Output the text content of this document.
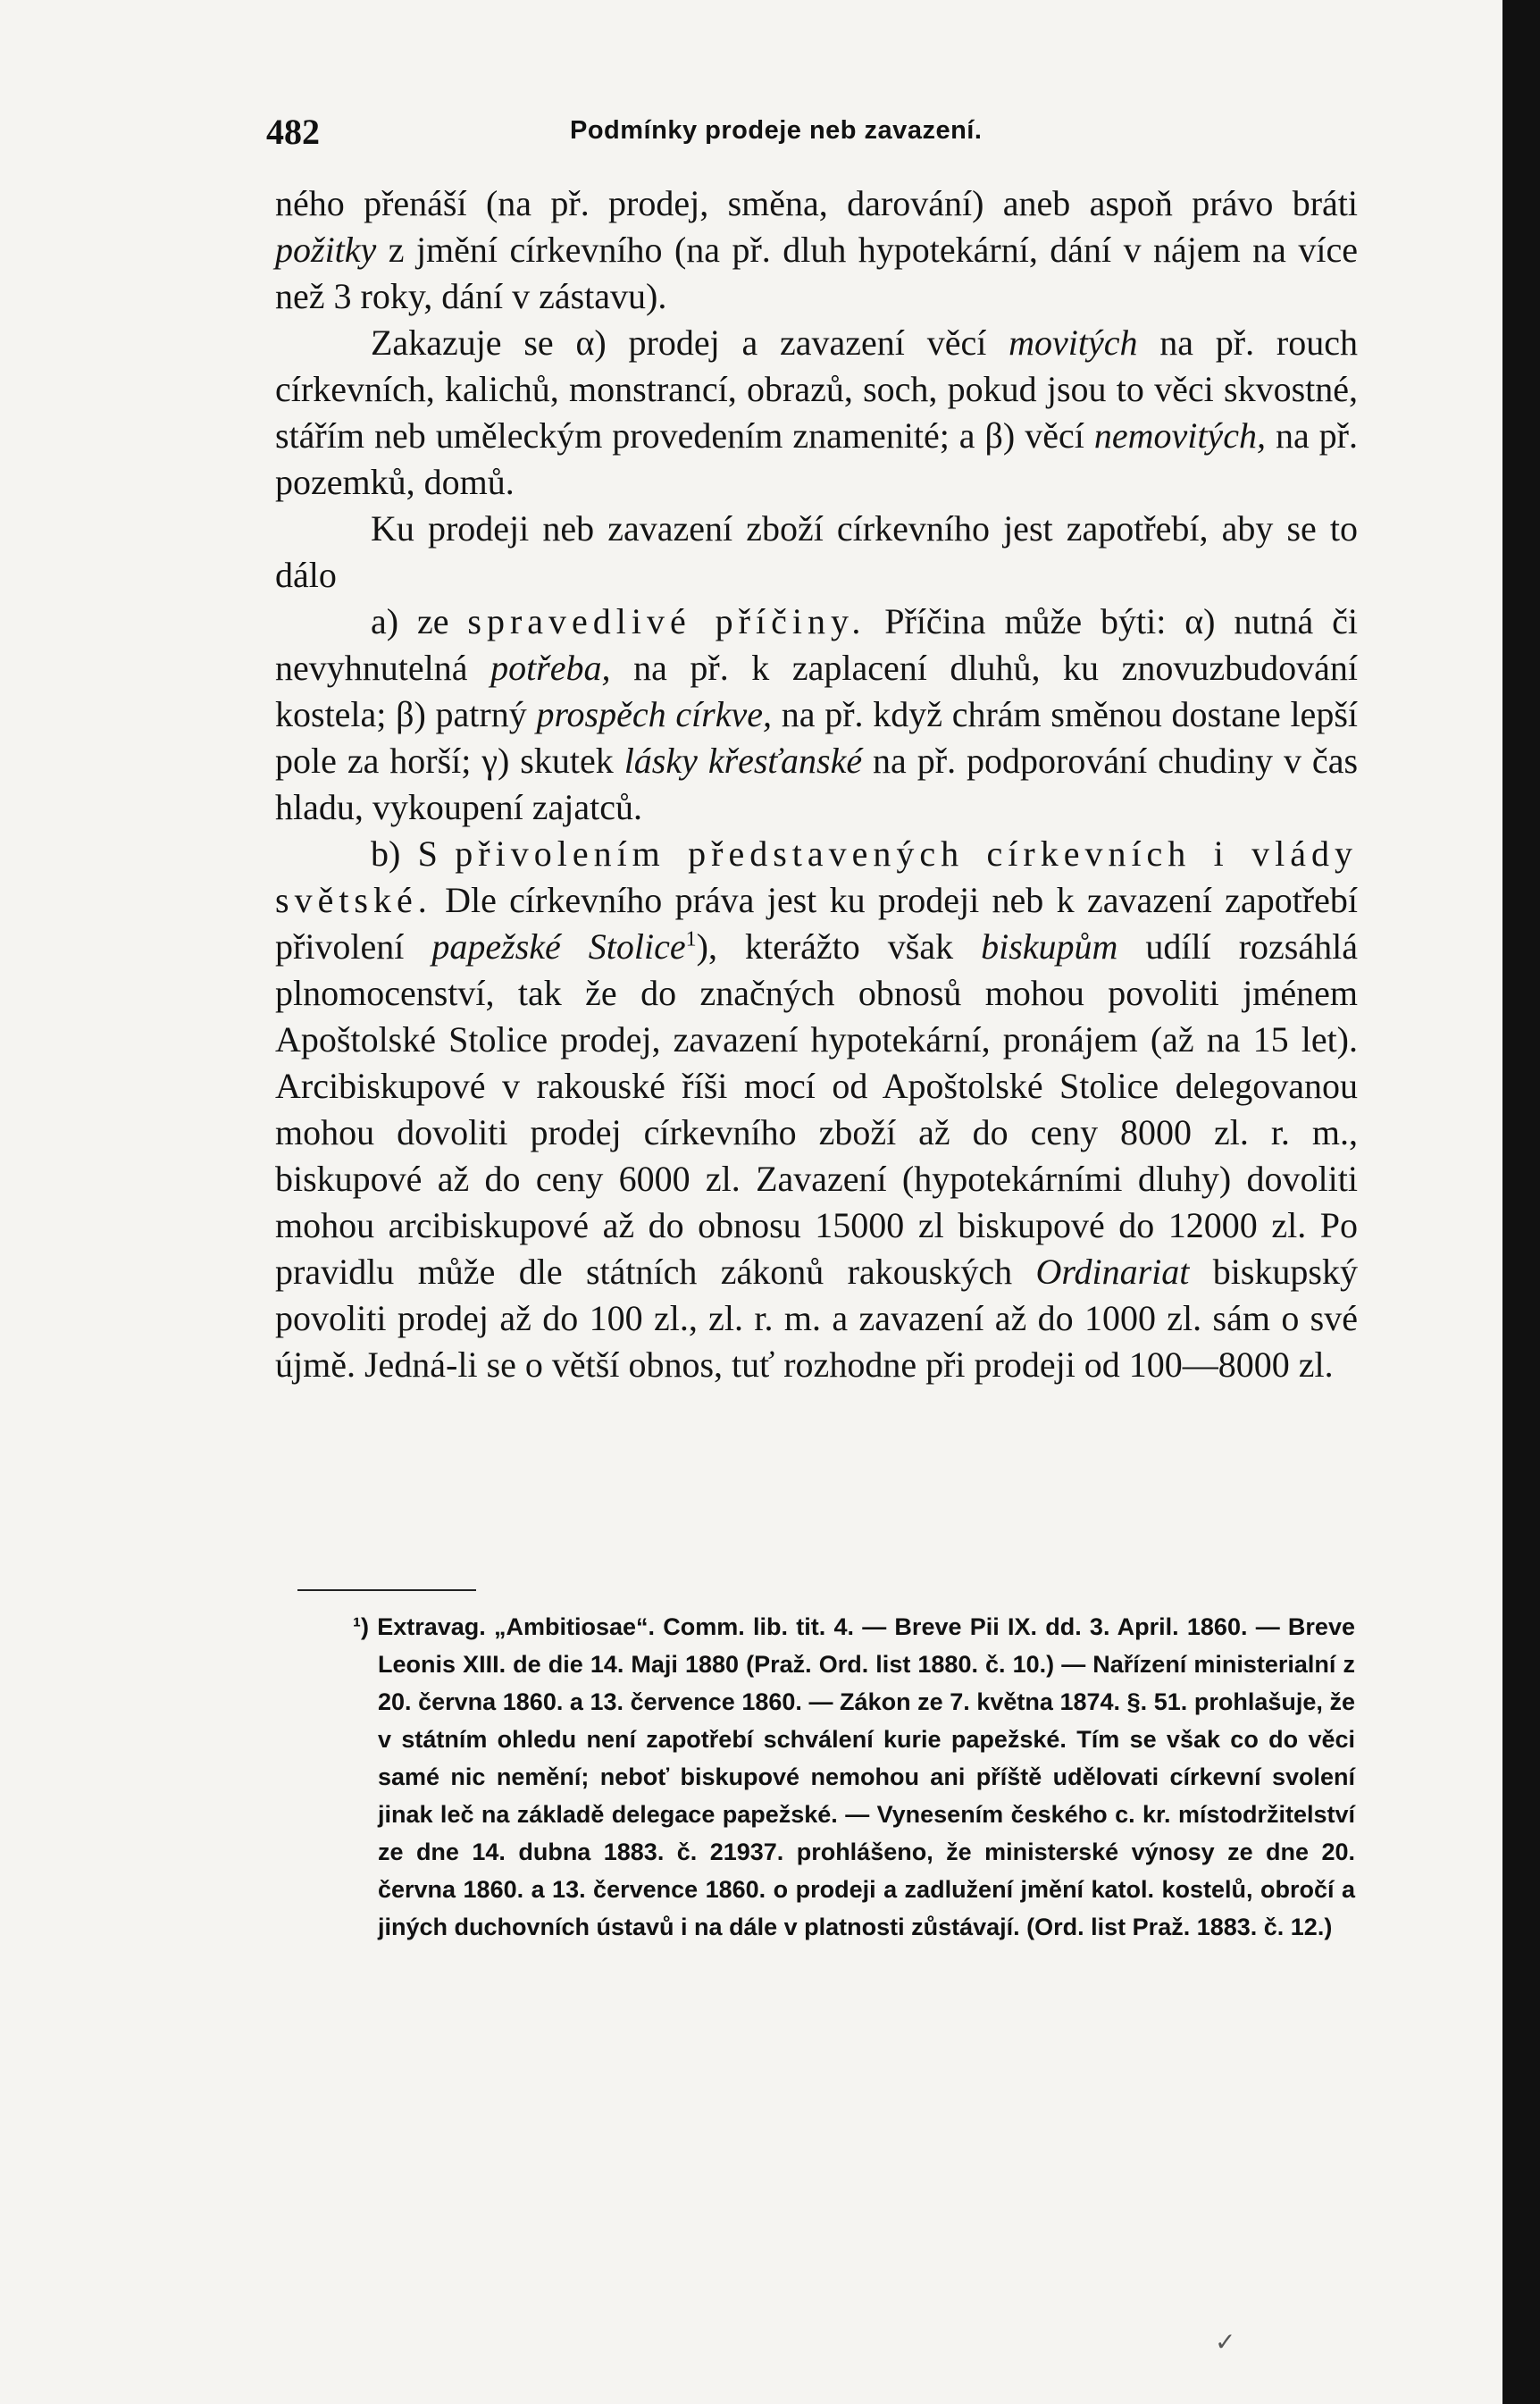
482	Podmínky prodeje neb zavazení.

ného přenáší (na př. prodej, směna, darování) aneb aspoň právo bráti požitky z jmění církevního (na př. dluh hypotekární, dání v nájem na více než 3 roky, dání v zástavu).

Zakazuje se α) prodej a zavazení věcí movitých na př. rouch církevních, kalichů, monstrancí, obrazů, soch, pokud jsou to věci skvostné, stářím neb uměleckým provedením znamenité; a β) věcí nemovitých, na př. pozemků, domů.

Ku prodeji neb zavazení zboží církevního jest zapotřebí, aby se to dálo

a) ze spravedlivé příčiny. Příčina může býti: α) nutná či nevyhnutelná potřeba, na př. k zaplacení dluhů, ku znovuzbudování kostela; β) patrný prospěch církve, na př. když chrám směnou dostane lepší pole za horší; γ) skutek lásky křesťanské na př. podporování chudiny v čas hladu, vykoupení zajatců.

b) S přivolením představených církevních i vlády světské. Dle církevního práva jest ku prodeji neb k zavazení zapotřebí přivolení papežské Stolice$^1$), kterážto však biskupům udílí rozsáhlá plnomocenství, tak že do značných obnosů mohou povoliti jménem Apoštolské Stolice prodej, zavazení hypotekární, pronájem (až na 15 let). Arcibiskupové v rakouské říši mocí od Apoštolské Stolice delegovanou mohou dovoliti prodej církevního zboží až do ceny 8000 zl. r. m., biskupové až do ceny 6000 zl. Zavazení (hypotekárními dluhy) dovoliti mohou arcibiskupové až do obnosu 15000 zl biskupové do 12000 zl. Po pravidlu může dle státních zákonů rakouských Ordinariat biskupský povoliti prodej až do 100 zl., zl. r. m. a zavazení až do 1000 zl. sám o své újmě. Jedná-li se o větší obnos, tuť rozhodne při prodeji od 100—8000 zl.

¹) Extravag. „Ambitiosae“. Comm. lib. tit. 4. — Breve Pii IX. dd. 3. April. 1860. — Breve Leonis XIII. de die 14. Maji 1880 (Praž. Ord. list 1880. č. 10.) — Nařízení ministerialní z 20. června 1860. a 13. července 1860. — Zákon ze 7. května 1874. §. 51. prohlašuje, že v státním ohledu není zapotřebí schválení kurie papežské. Tím se však co do věci samé nic nemění; neboť biskupové nemohou ani příště udělovati církevní svolení jinak leč na základě delegace papežské. — Vynesením českého c. kr. místodržitelství ze dne 14. dubna 1883. č. 21937. prohlášeno, že ministerské výnosy ze dne 20. června 1860. a 13. července 1860. o prodeji a zadlužení jmění katol. kostelů, obročí a jiných duchovních ústavů i na dále v platnosti zůstávají. (Ord. list Praž. 1883. č. 12.)

✓
